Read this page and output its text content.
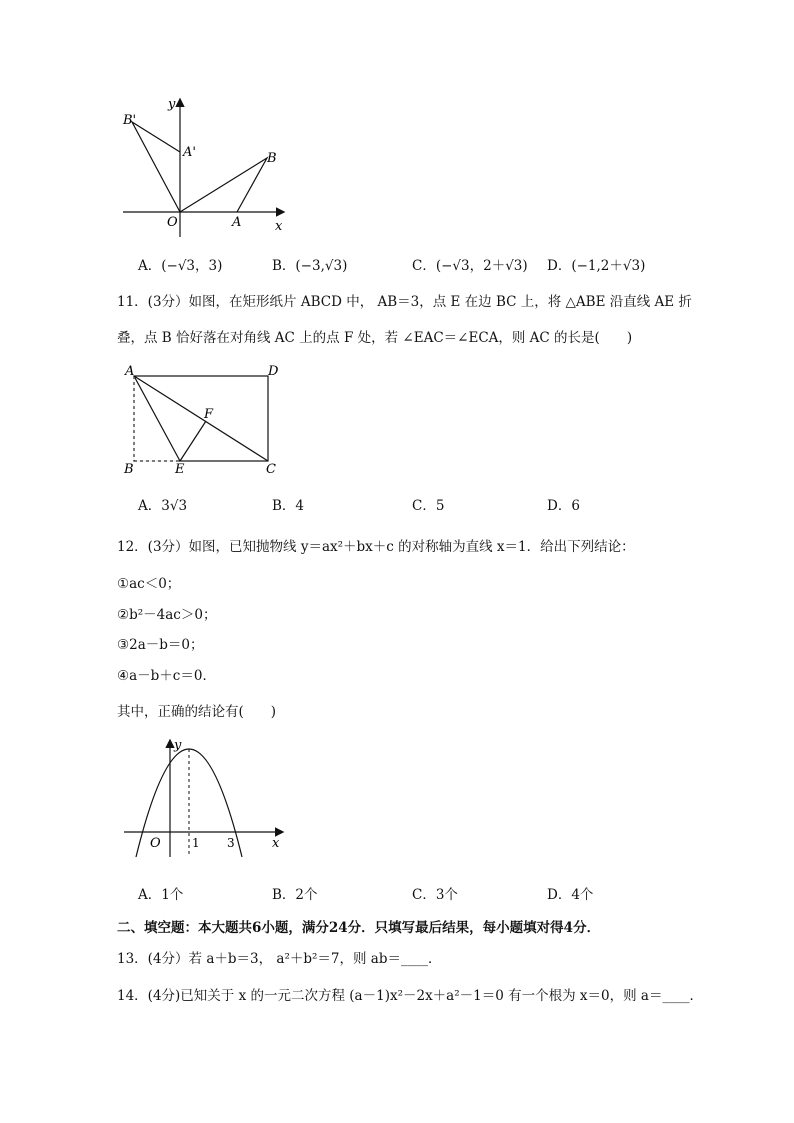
y
B'
A'	B
O	A	x
A．(−√3，3)	B．(−3,√3)	C．(−√3，2＋√3) D．(−1,2＋√3)
11．(3分）如图，在矩形纸片 ABCD 中， AB＝3，点 E 在边 BC 上，将 △ABE 沿直线 AE 折
叠，点 B 恰好落在对角线 AC 上的点 F 处，若 ∠EAC＝∠ECA，则 AC 的长是(　　)
A	D
F
B	E	C
A．3√3	B．4	C．5	D．6
12．(3分）如图，已知抛物线 y＝ax²＋bx＋c 的对称轴为直线 x＝1．给出下列结论：
①ac＜0；
②b²－4ac＞0；
③2a－b＝0；
④a－b＋c＝0．
其中，正确的结论有(　　)
y
O	1 3	x
A．1个	B．2个	C．3个	D．4个
二、填空题：本大题共6小题，满分24分．只填写最后结果，每小题填对得4分．
13．(4分）若 a＋b＝3， a²＋b²＝7，则 ab＝____．
14．(4分)已知关于 x 的一元二次方程 (a－1)x²－2x＋a²－1＝0 有一个根为 x＝0，则 a＝____．
